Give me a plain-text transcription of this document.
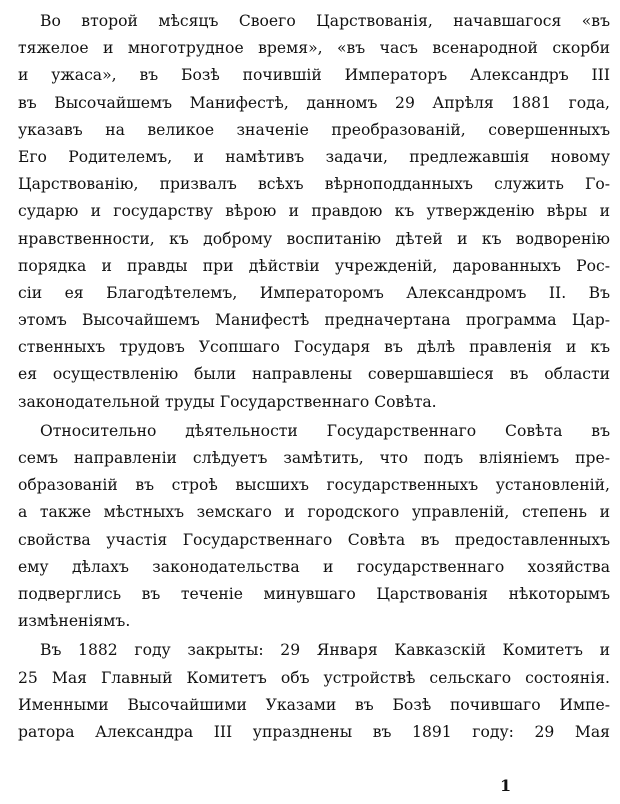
Во второй мѣсяцъ Своего Царствованія, начавшагося «въ
тяжелое и многотрудное время», «въ часъ всенародной скорби
и ужаса», въ Бозѣ почившій Императоръ Александръ III
въ Высочайшемъ Манифестѣ, данномъ 29 Апрѣля 1881 года,
указавъ на великое значеніе преобразованій, совершенныхъ
Его Родителемъ, и намѣтивъ задачи, предлежавшія новому
Царствованію, призвалъ всѣхъ вѣрноподданныхъ служить Го-
сударю и государству вѣрою и правдою къ утвержденію вѣры и
нравственности, къ доброму воспитанію дѣтей и къ водворенію
порядка и правды при дѣйствіи учрежденій, дарованныхъ Рос-
сіи ея Благодѣтелемъ, Императоромъ Александромъ II. Въ
этомъ Высочайшемъ Манифестѣ предначертана программа Цар-
ственныхъ трудовъ Усопшаго Государя въ дѣлѣ правленія и къ
ея осуществленію были направлены совершавшіеся въ области
законодательной труды Государственнаго Совѣта.
Относительно дѣятельности Государственнаго Совѣта въ
семъ направленіи слѣдуетъ замѣтить, что подъ вліяніемъ пре-
образованій въ строѣ высшихъ государственныхъ установленій,
а также мѣстныхъ земскаго и городского управленій, степень и
свойства участія Государственнаго Совѣта въ предоставленныхъ
ему дѣлахъ законодательства и государственнаго хозяйства
подверглись въ теченіе минувшаго Царствованія нѣкоторымъ
измѣненіямъ.
Въ 1882 году закрыты: 29 Января Кавказскій Комитетъ и
25 Мая Главный Комитетъ объ устройствѣ сельскаго состоянія.
Именными Высочайшими Указами въ Бозѣ почившаго Импе-
ратора Александра III упразднены въ 1891 году: 29 Мая
1
